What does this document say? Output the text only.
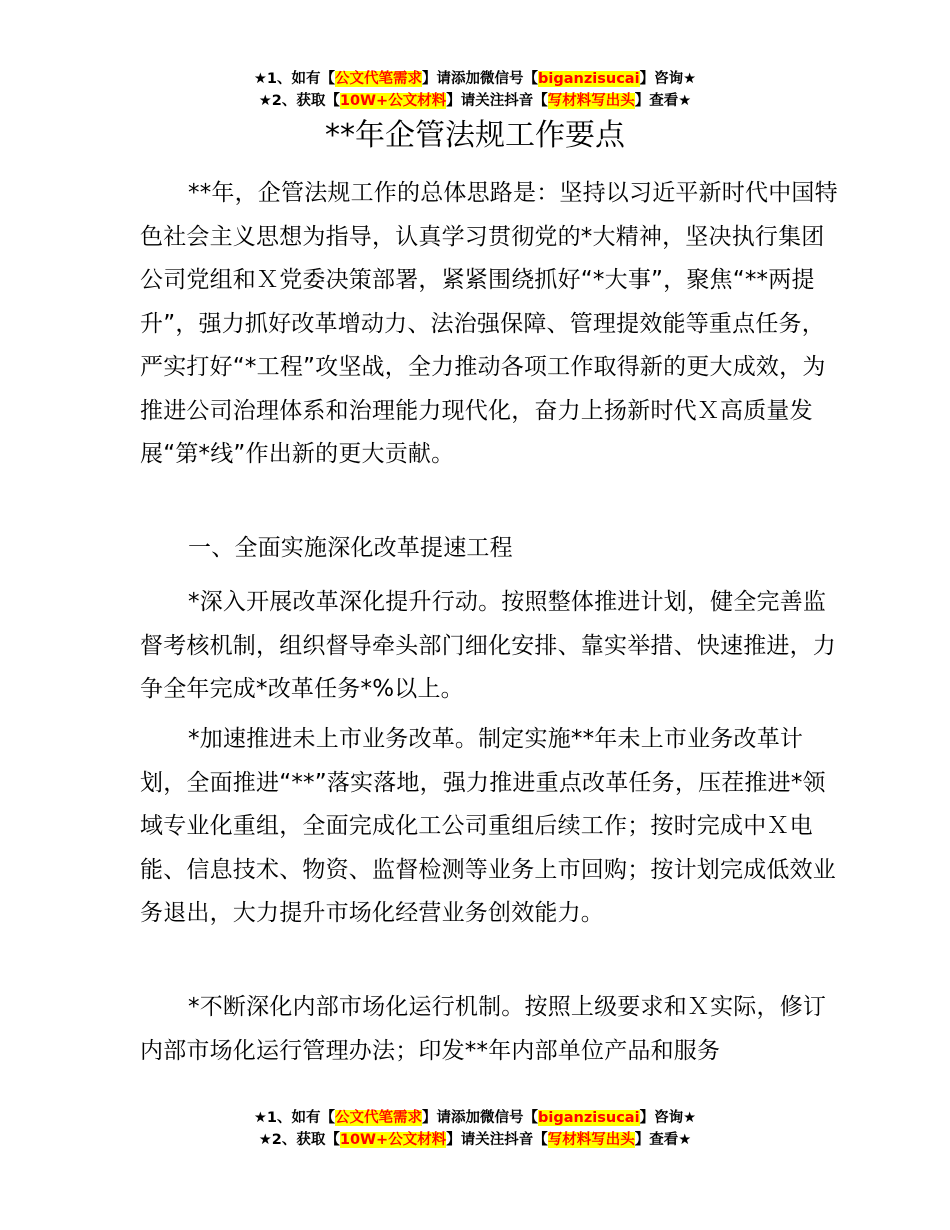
★1、如有【公文代笔需求】请添加微信号【biganzisucai】咨询★
★2、获取【10W+公文材料】请关注抖音【写材料写出头】查看★
**年企管法规工作要点

**年，企管法规工作的总体思路是：坚持以习近平新时代中国特色社会主义思想为指导，认真学习贯彻党的*大精神，坚决执行集团公司党组和Ｘ党委决策部署，紧紧围绕抓好“*大事”，聚焦“**两提升”，强力抓好改革增动力、法治强保障、管理提效能等重点任务，严实打好“*工程”攻坚战，全力推动各项工作取得新的更大成效，为推进公司治理体系和治理能力现代化，奋力上扬新时代Ｘ高质量发展“第*线”作出新的更大贡献。

一、全面实施深化改革提速工程

*深入开展改革深化提升行动。按照整体推进计划，健全完善监督考核机制，组织督导牵头部门细化安排、靠实举措、快速推进，力争全年完成*改革任务*%以上。

*加速推进未上市业务改革。制定实施**年未上市业务改革计划，全面推进“**”落实落地，强力推进重点改革任务，压茬推进*领域专业化重组，全面完成化工公司重组后续工作；按时完成中Ｘ电能、信息技术、物资、监督检测等业务上市回购；按计划完成低效业务退出，大力提升市场化经营业务创效能力。

*不断深化内部市场化运行机制。按照上级要求和Ｘ实际，修订内部市场化运行管理办法；印发**年内部单位产品和服务

★1、如有【公文代笔需求】请添加微信号【biganzisucai】咨询★
★2、获取【10W+公文材料】请关注抖音【写材料写出头】查看★
